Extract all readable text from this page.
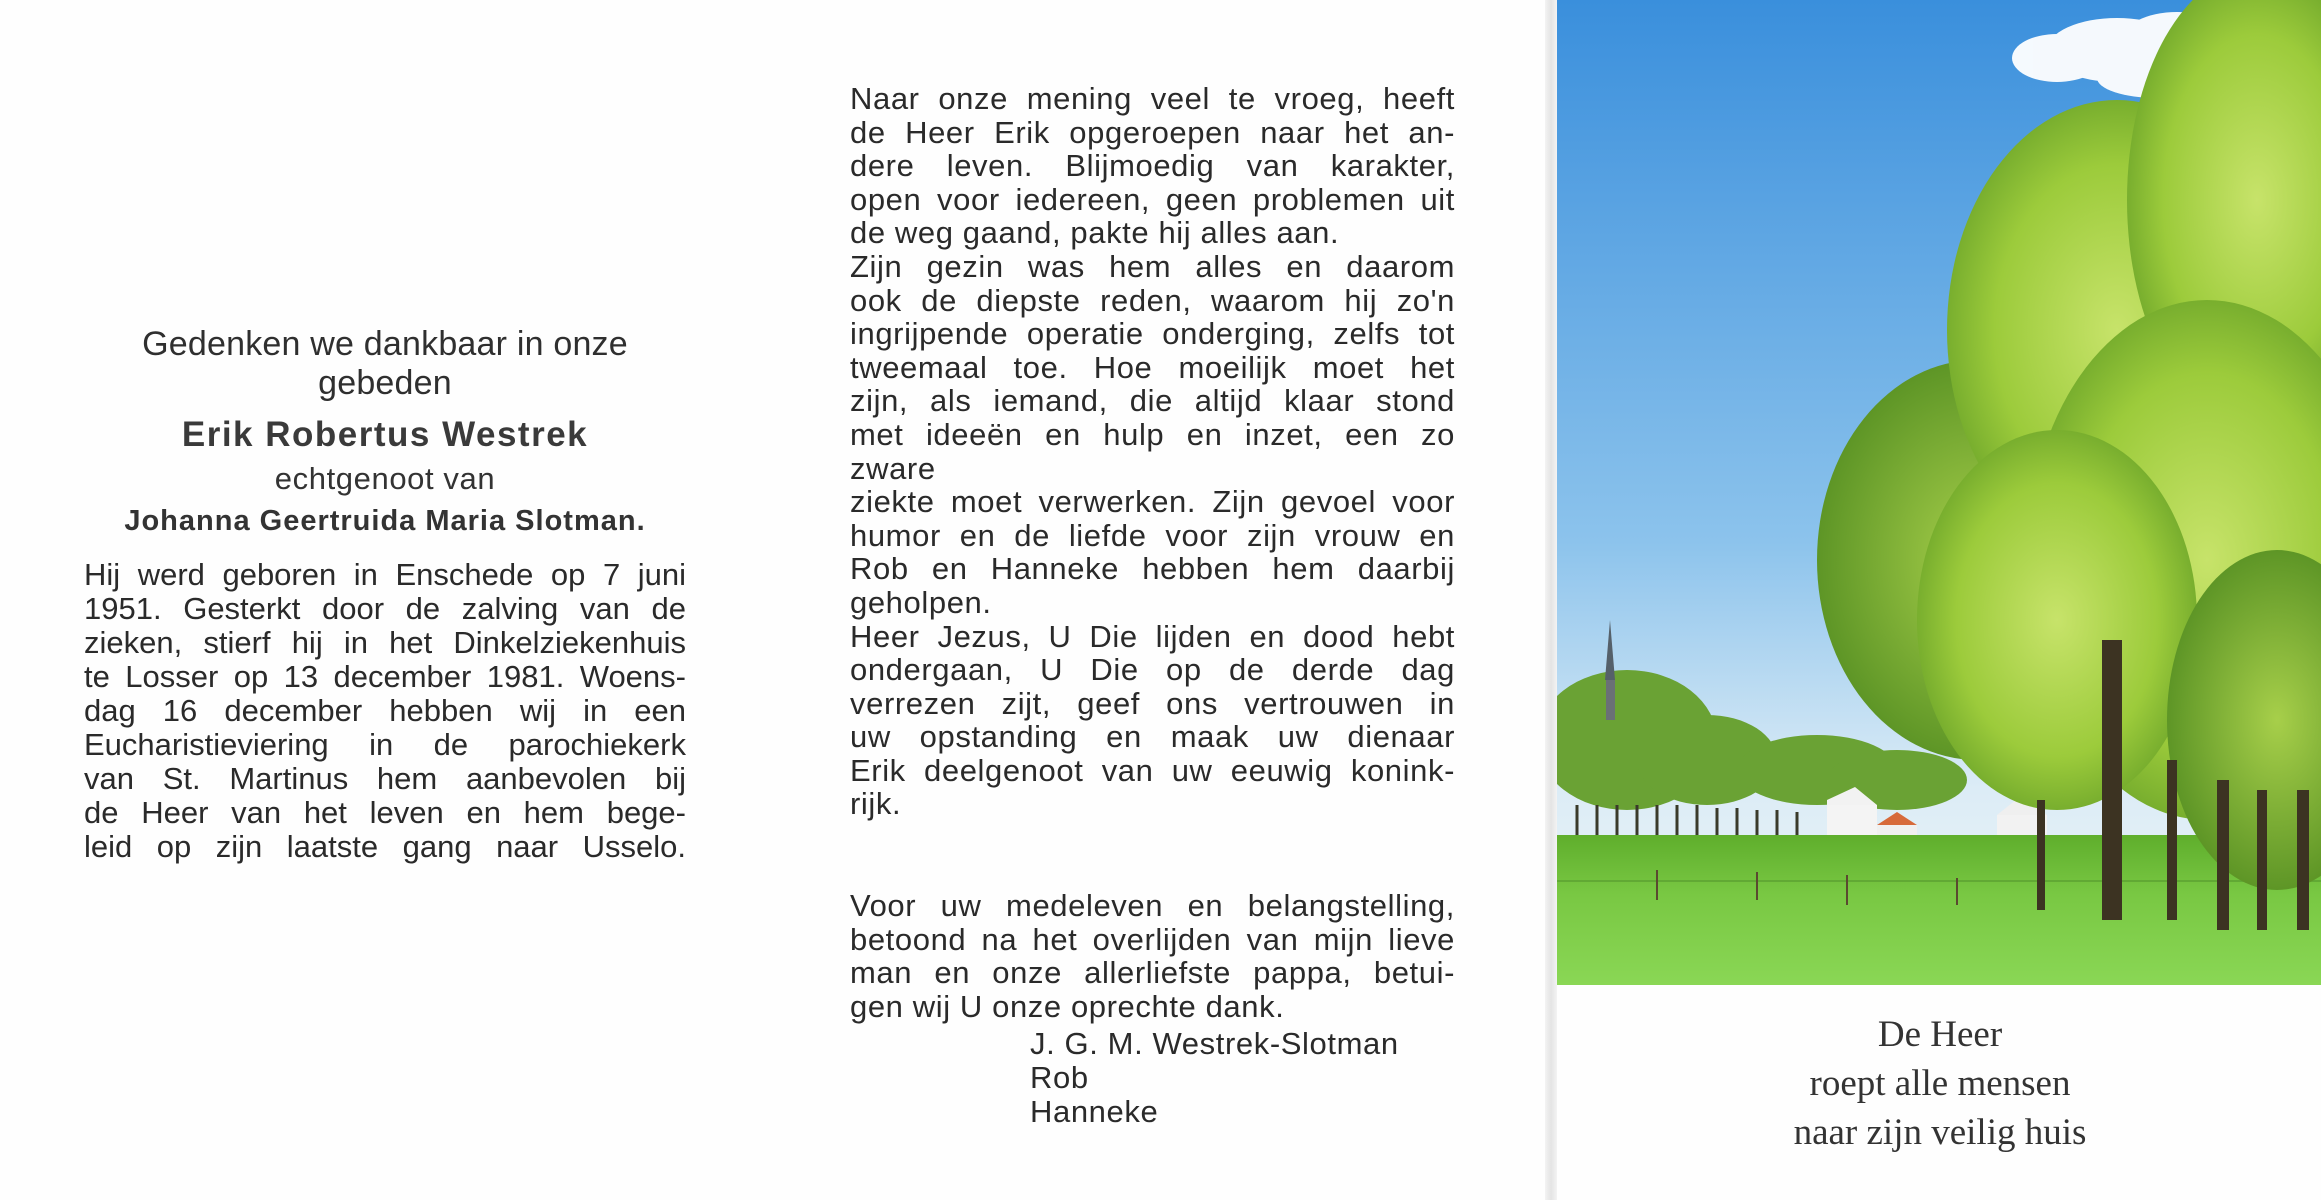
Gedenken we dankbaar in onze gebeden

Erik Robertus Westrek

echtgenoot van

Johanna Geertruida Maria Slotman.

Hij werd geboren in Enschede op 7 juni
1951. Gesterkt door de zalving van de
zieken, stierf hij in het Dinkelziekenhuis
te Losser op 13 december 1981. Woens-
dag 16 december hebben wij in een
Eucharistieviering in de parochiekerk
van St. Martinus hem aanbevolen bij
de Heer van het leven en hem bege-
leid op zijn laatste gang naar Usselo.

Naar onze mening veel te vroeg, heeft
de Heer Erik opgeroepen naar het an-
dere leven. Blijmoedig van karakter,
open voor iedereen, geen problemen uit
de weg gaand, pakte hij alles aan.
Zijn gezin was hem alles en daarom
ook de diepste reden, waarom hij zo'n
ingrijpende operatie onderging, zelfs tot
tweemaal toe. Hoe moeilijk moet het
zijn, als iemand, die altijd klaar stond
met ideeën en hulp en inzet, een zo zware
ziekte moet verwerken. Zijn gevoel voor
humor en de liefde voor zijn vrouw en
Rob en Hanneke hebben hem daarbij
geholpen.
Heer Jezus, U Die lijden en dood hebt
ondergaan, U Die op de derde dag
verrezen zijt, geef ons vertrouwen in
uw opstanding en maak uw dienaar
Erik deelgenoot van uw eeuwig konink-
rijk.

Voor uw medeleven en belangstelling,
betoond na het overlijden van mijn lieve
man en onze allerliefste pappa, betui-
gen wij U onze oprechte dank.

J. G. M. Westrek-Slotman
Rob
Hanneke
De Heer
roept alle mensen
naar zijn veilig huis
